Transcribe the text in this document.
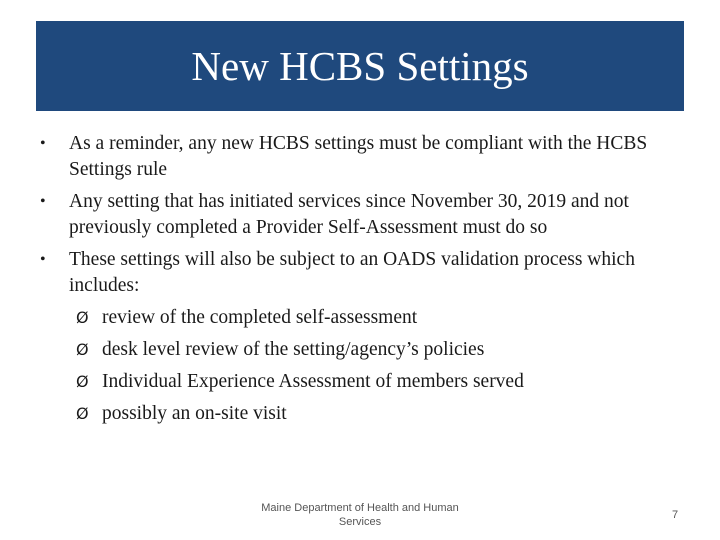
New HCBS Settings
•	As a reminder, any new HCBS settings must be compliant with the HCBS Settings rule
•	Any setting that has initiated services since November 30, 2019 and not previously completed a Provider Self-Assessment must do so
•	These settings will also be subject to an OADS validation process which includes:
Ø review of the completed self-assessment
Ø desk level review of the setting/agency’s policies
Ø Individual Experience Assessment of members served
Ø possibly an on-site visit
Maine Department of Health and Human Services
7
